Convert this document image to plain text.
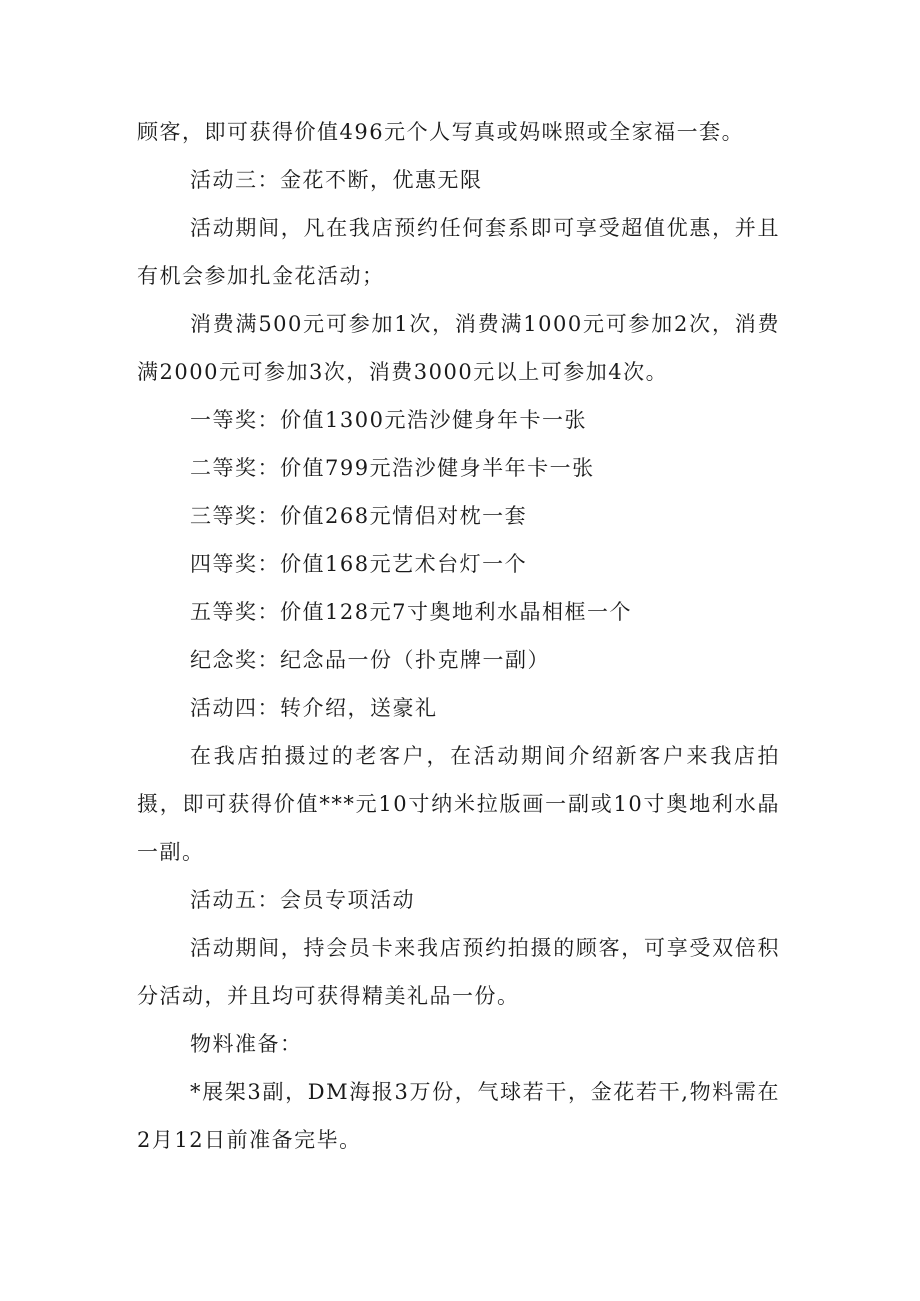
顾客，即可获得价值496元个人写真或妈咪照或全家福一套。

活动三：金花不断，优惠无限

活动期间，凡在我店预约任何套系即可享受超值优惠，并且有机会参加扎金花活动；

消费满500元可参加1次，消费满1000元可参加2次，消费满2000元可参加3次，消费3000元以上可参加4次。

一等奖：价值1300元浩沙健身年卡一张

二等奖：价值799元浩沙健身半年卡一张

三等奖：价值268元情侣对枕一套

四等奖：价值168元艺术台灯一个

五等奖：价值128元7寸奥地利水晶相框一个

纪念奖：纪念品一份（扑克牌一副）

活动四：转介绍，送豪礼

在我店拍摄过的老客户，在活动期间介绍新客户来我店拍摄，即可获得价值***元10寸纳米拉版画一副或10寸奥地利水晶一副。

活动五：会员专项活动

活动期间，持会员卡来我店预约拍摄的顾客，可享受双倍积分活动，并且均可获得精美礼品一份。

物料准备：

*展架3副，DM海报3万份，气球若干，金花若干,物料需在2月12日前准备完毕。
